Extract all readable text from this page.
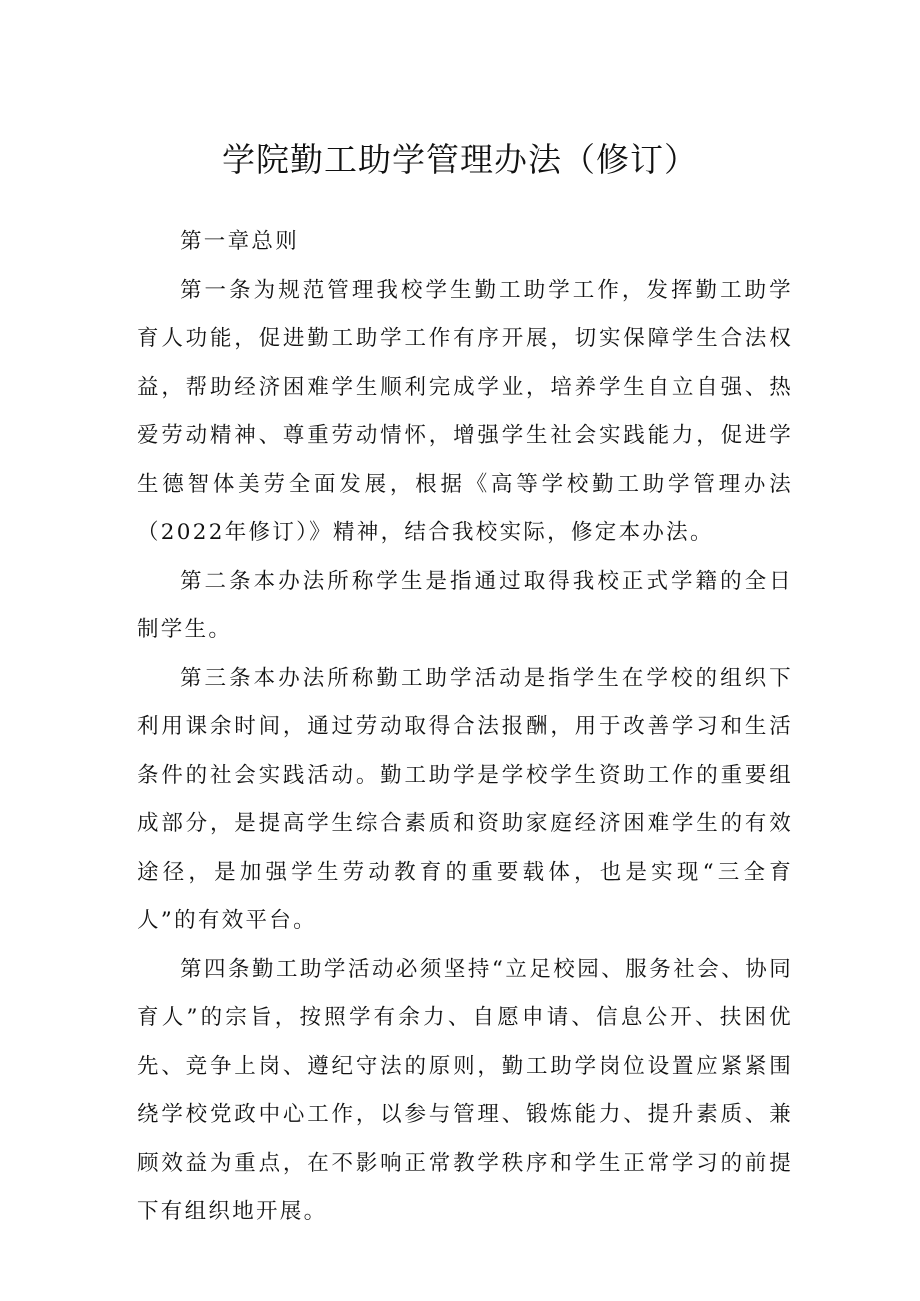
学院勤工助学管理办法（修订）

第一章总则

第一条为规范管理我校学生勤工助学工作，发挥勤工助学育人功能，促进勤工助学工作有序开展，切实保障学生合法权益，帮助经济困难学生顺利完成学业，培养学生自立自强、热爱劳动精神、尊重劳动情怀，增强学生社会实践能力，促进学生德智体美劳全面发展，根据《高等学校勤工助学管理办法（2022年修订）》精神，结合我校实际，修定本办法。

第二条本办法所称学生是指通过取得我校正式学籍的全日制学生。

第三条本办法所称勤工助学活动是指学生在学校的组织下利用课余时间，通过劳动取得合法报酬，用于改善学习和生活条件的社会实践活动。勤工助学是学校学生资助工作的重要组成部分，是提高学生综合素质和资助家庭经济困难学生的有效途径，是加强学生劳动教育的重要载体，也是实现“三全育人”的有效平台。

第四条勤工助学活动必须坚持“立足校园、服务社会、协同育人”的宗旨，按照学有余力、自愿申请、信息公开、扶困优先、竞争上岗、遵纪守法的原则，勤工助学岗位设置应紧紧围绕学校党政中心工作，以参与管理、锻炼能力、提升素质、兼顾效益为重点，在不影响正常教学秩序和学生正常学习的前提下有组织地开展。
